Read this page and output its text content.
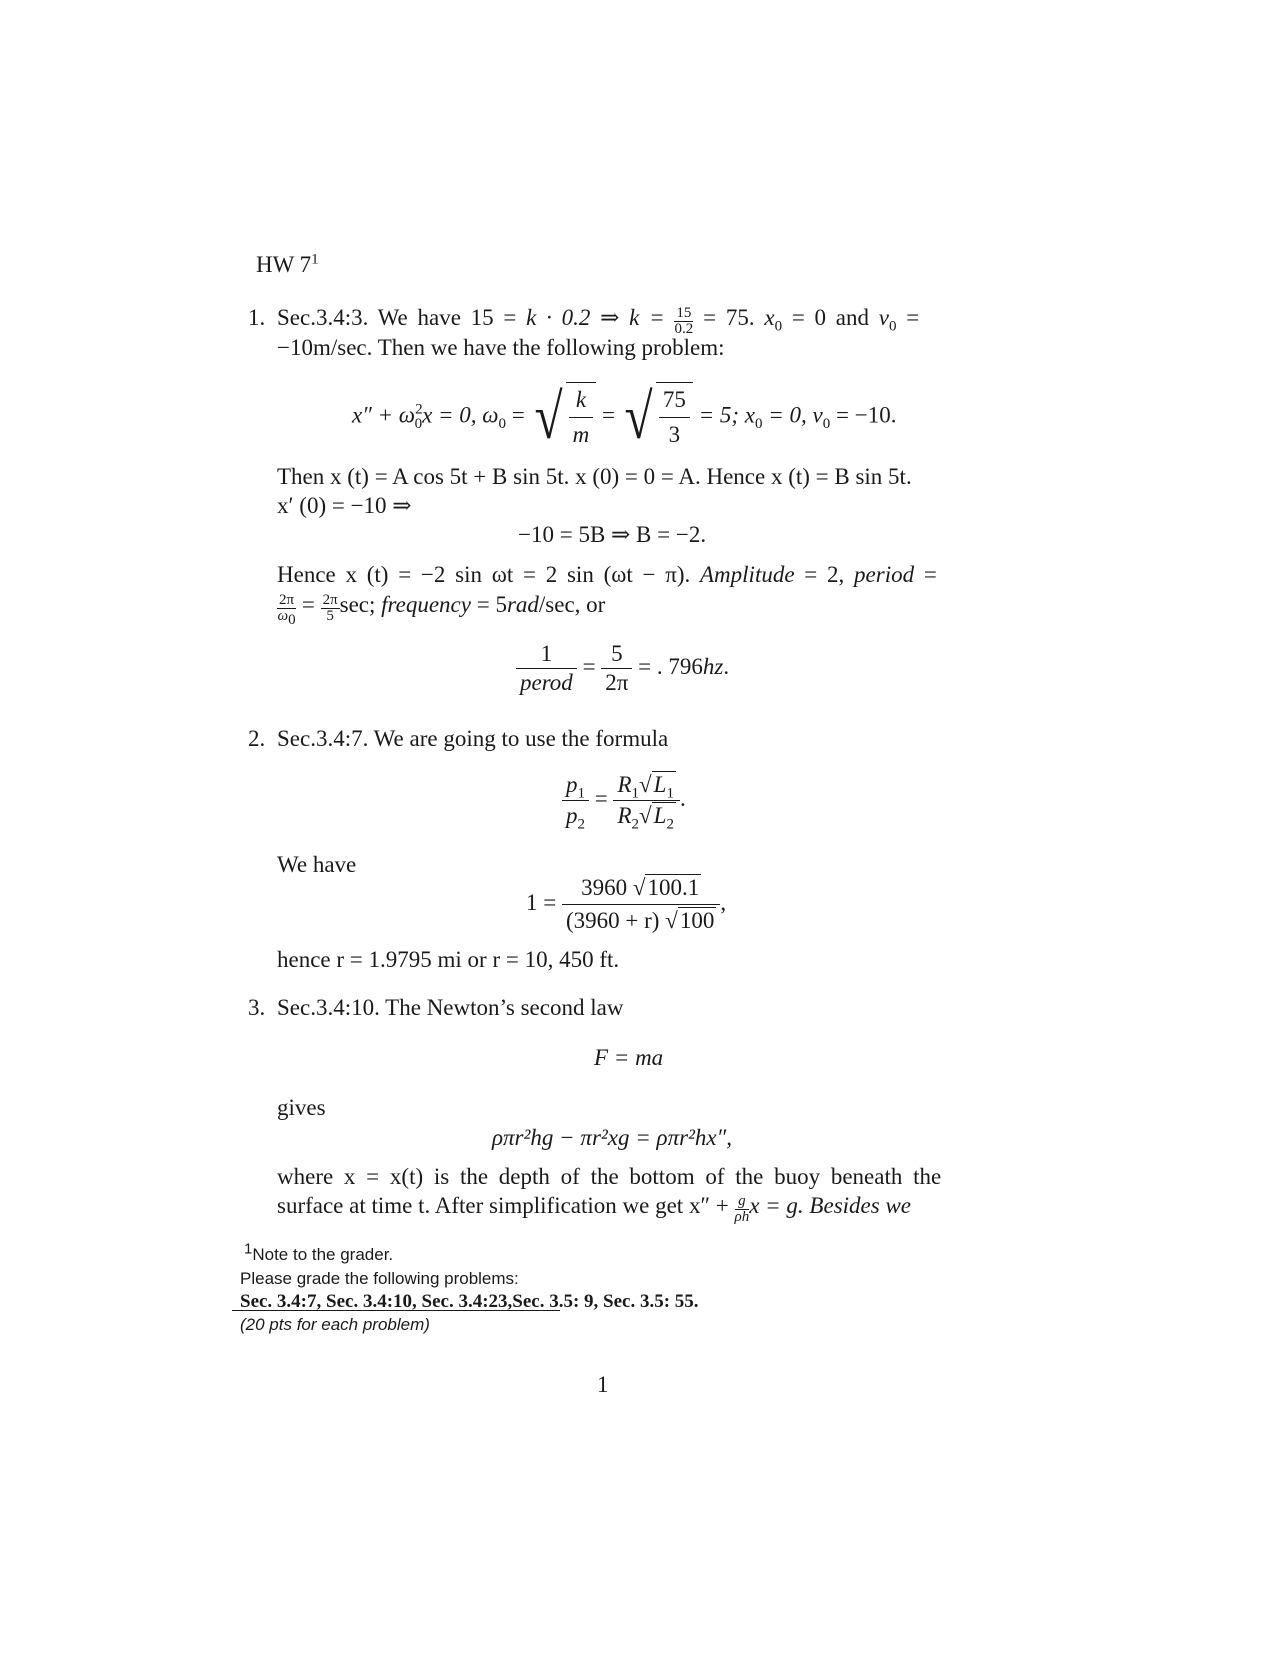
HW $7^1$
1. Sec.3.4:3. We have 15 = k · 0.2 ⇒ $k = \frac{15}{0.2} = 75$. $x_0 = 0$ and $v_0$ =
−10m/sec. Then we have the following problem:
$x'' + \omega^2_0x = 0$, $\omega_0$ = √ $\frac{k}{m}$ = √ $\frac{75}{3} = 5$; $x_0 = 0$, $v_0 = -10$.
Then x (t) = A cos 5t + B sin 5t. x (0) = 0 = A. Hence x (t) = B sin 5t.
x′ (0) = −10 ⇒
−10 = 5B ⇒ B = −2.
Hence x (t) = −2 sin ωt = 2 sin (ωt − π). Amplitude = 2, period =
$\frac{2\pi}{\omega_0} = \frac{2\pi}{5} \sec$; frequency = 5rad/sec, or
$\frac{1}{\text{perod}} = \frac{5}{2\pi}$ = . 796hz.
2. Sec.3.4:7. We are going to use the formula
$\frac{p_1}{p_2} = \frac{R_1√L_1}{R_2√L_2}$ .
We have
$1 = \frac{3960 √100.1}{(3960 + r) √100}$ ,
hence r = 1.9795 mi or r = 10, 450 ft.
3. Sec.3.4:10. The Newton’s second law
F = ma
gives
ρπr²hg − πr²xg = ρπr²hx″,
where x = x(t) is the depth of the bottom of the buoy beneath the
surface at time t. After simplification we get $x'' + \frac{g}{\rho h}$ x = g. Besides we
$^1$Note to the grader.
Please grade the following problems:
Sec. 3.4:7, Sec. 3.4:10, Sec. 3.4:23,Sec. 3.5: 9, Sec. 3.5: 55.
(20 pts for each problem)
1
